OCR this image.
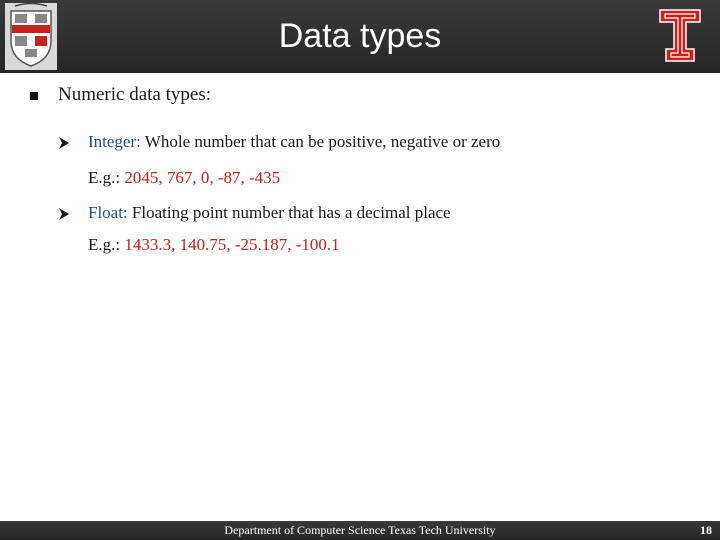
Data types
Numeric data types:
Integer: Whole number that can be positive, negative or zero
E.g.: 2045, 767, 0, -87, -435
Float: Floating point number that has a decimal place
E.g.: 1433.3, 140.75, -25.187, -100.1
Department of Computer Science Texas Tech University	18
